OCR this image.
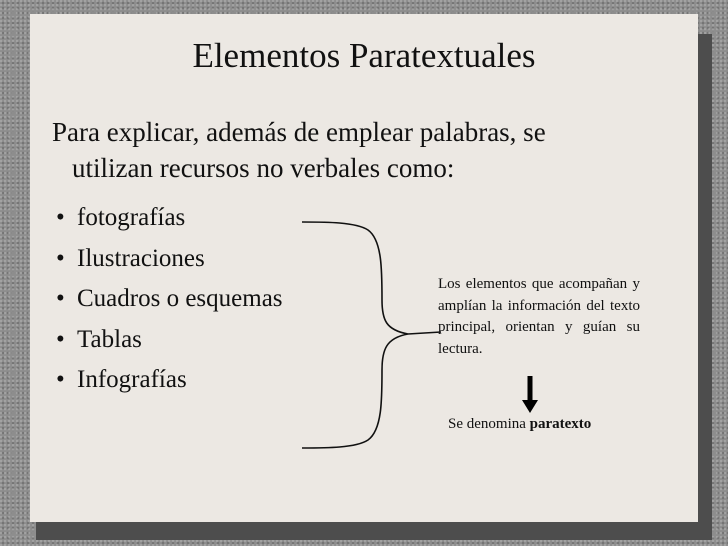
Elementos Paratextuales
Para explicar, además de emplear palabras, se
utilizan recursos no verbales como:
• fotografías
• Ilustraciones
• Cuadros o esquemas
• Tablas
• Infografías
Los elementos que acompañan y amplían la información del texto principal, orientan y guían su lectura.
Se denomina paratexto
